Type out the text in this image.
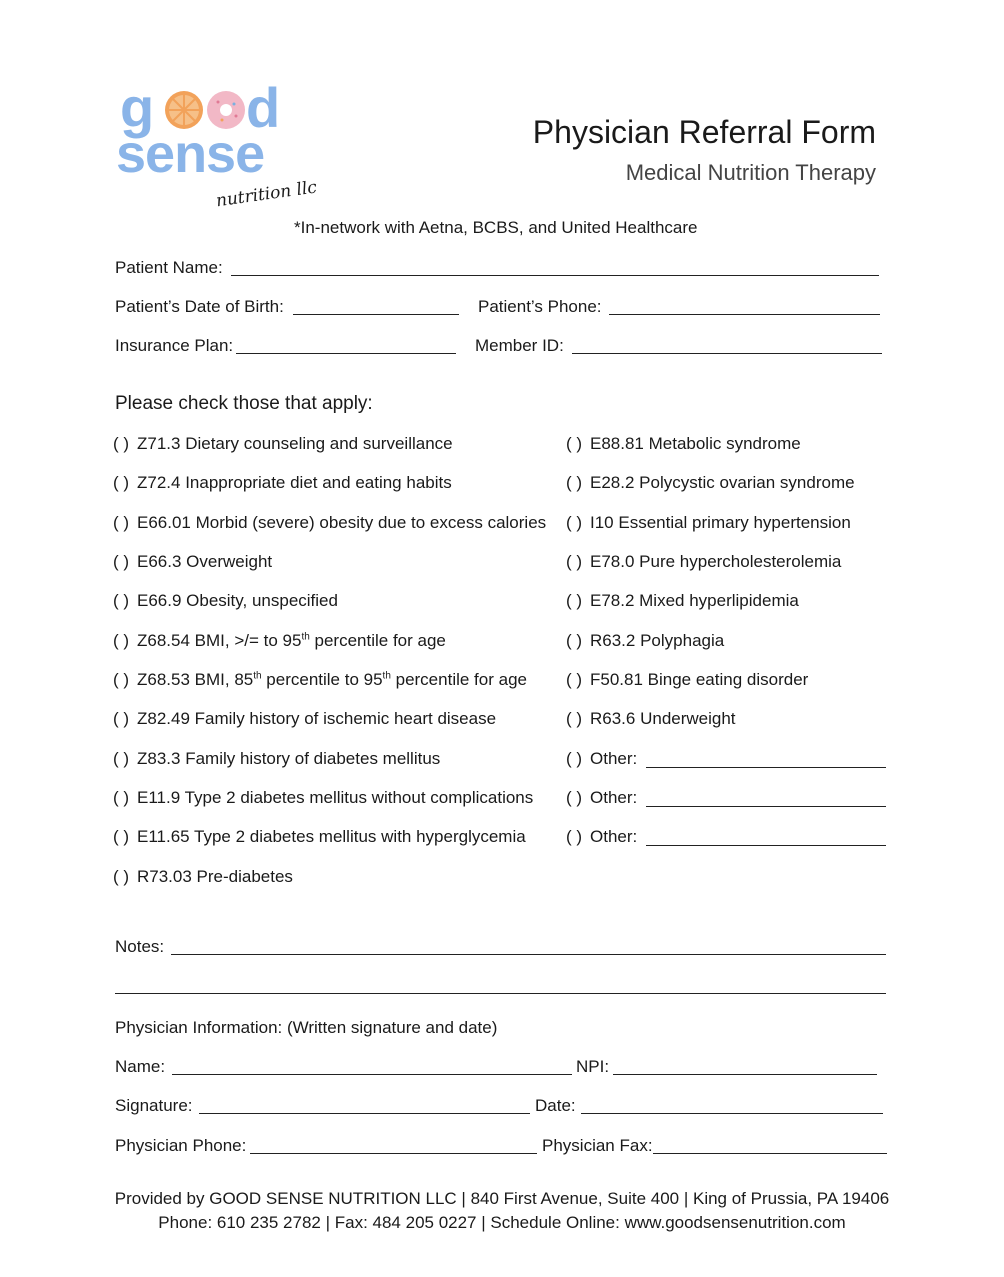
g d
sense
nutrition llc
Physician Referral Form
Medical Nutrition Therapy
*In-network with Aetna, BCBS, and United Healthcare
Patient Name:
Patient’s Date of Birth:	Patient’s Phone:
Insurance Plan:	Member ID:
Please check those that apply:
( ) Z71.3 Dietary counseling and surveillance
( ) Z72.4 Inappropriate diet and eating habits
( ) E66.01 Morbid (severe) obesity due to excess calories
( ) E66.3 Overweight
( ) E66.9 Obesity, unspecified
( ) Z68.54 BMI, >/= to 95th percentile for age
( ) Z68.53 BMI, 85th percentile to 95th percentile for age
( ) Z82.49 Family history of ischemic heart disease
( ) Z83.3 Family history of diabetes mellitus
( ) E11.9 Type 2 diabetes mellitus without complications
( ) E11.65 Type 2 diabetes mellitus with hyperglycemia
( ) R73.03 Pre-diabetes
( ) E88.81 Metabolic syndrome
( ) E28.2 Polycystic ovarian syndrome
( ) I10 Essential primary hypertension
( ) E78.0 Pure hypercholesterolemia
( ) E78.2 Mixed hyperlipidemia
( ) R63.2 Polyphagia
( ) F50.81 Binge eating disorder
( ) R63.6 Underweight
( ) Other:
( ) Other:
( ) Other:
Notes:
Physician Information: (Written signature and date)
Name:	NPI:
Signature:	Date:
Physician Phone:	Physician Fax:
Provided by GOOD SENSE NUTRITION LLC | 840 First Avenue, Suite 400 | King of Prussia, PA 19406
Phone: 610 235 2782 | Fax: 484 205 0227 | Schedule Online: www.goodsensenutrition.com
